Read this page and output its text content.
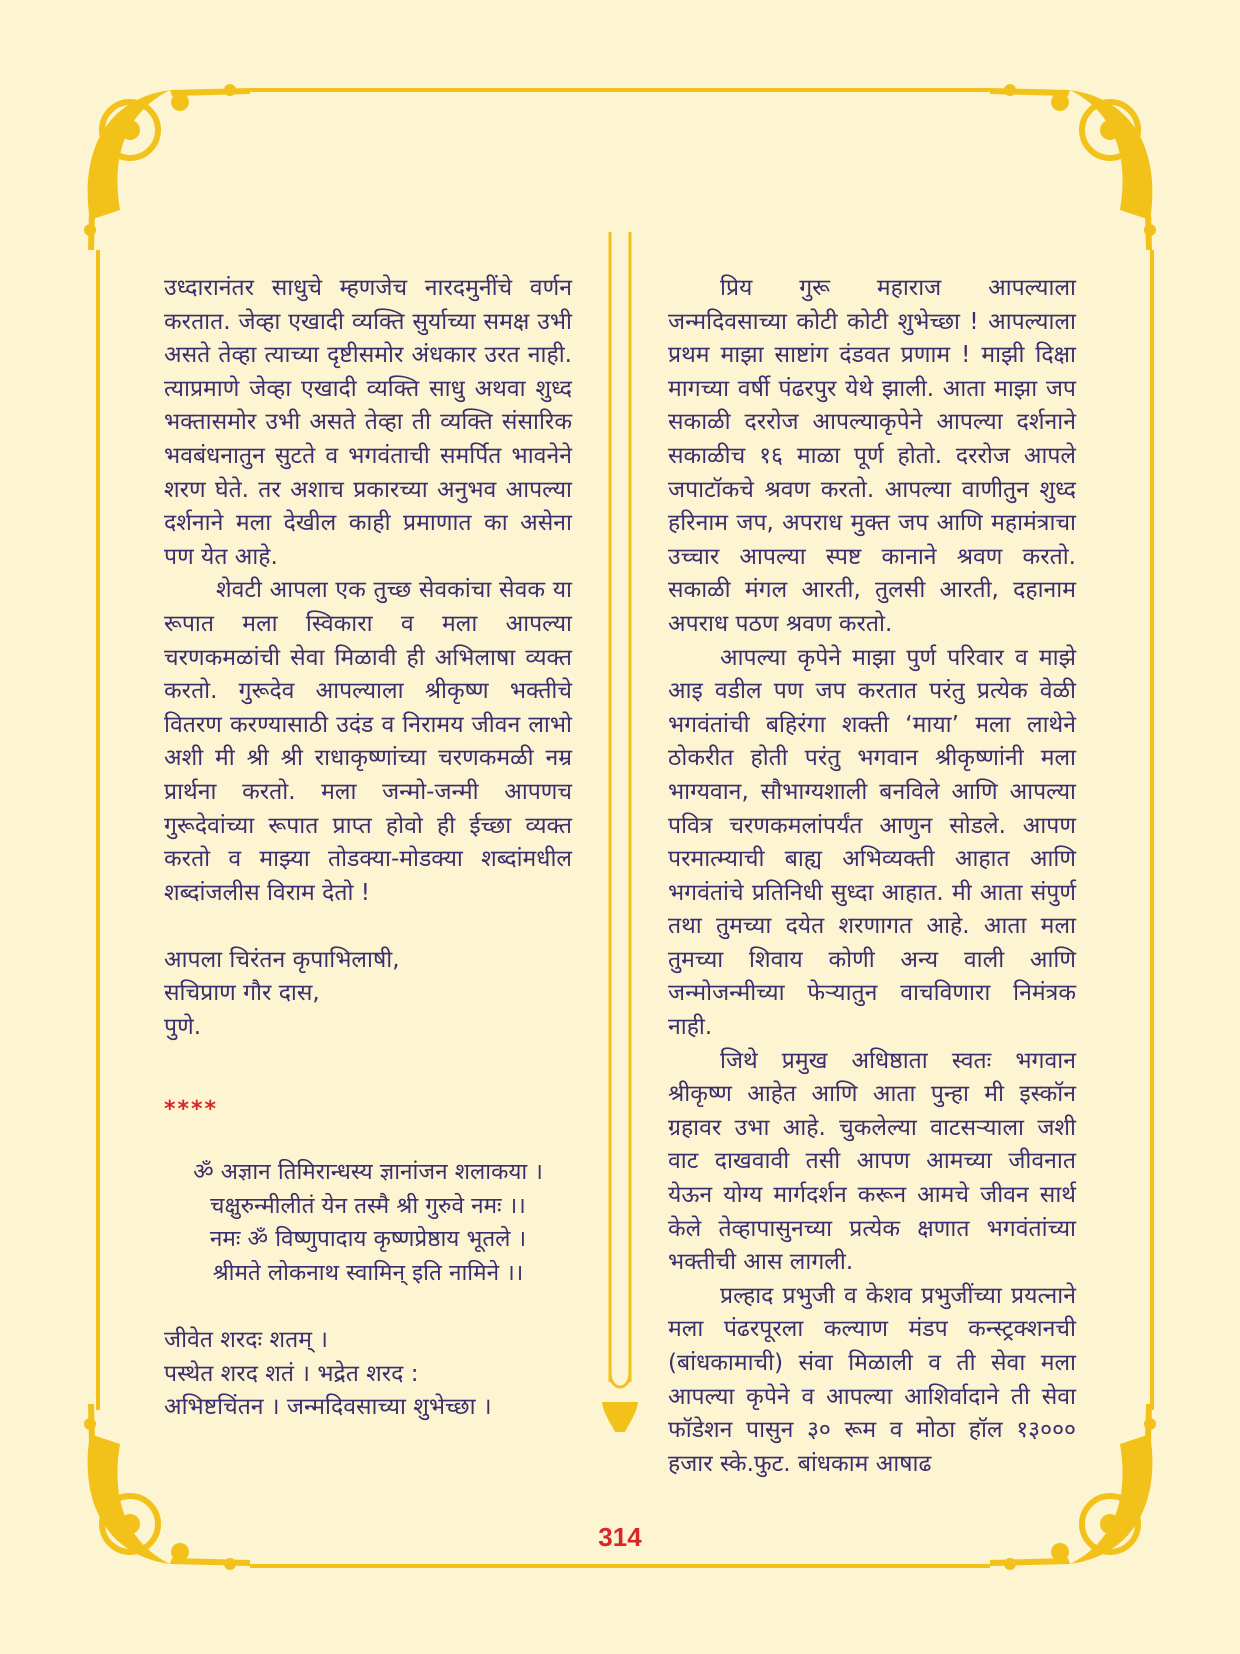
उध्दारानंतर साधुचे म्हणजेच नारदमुनींचे वर्णन करतात. जेव्हा एखादी व्यक्ति सुर्याच्या समक्ष उभी असते तेव्हा त्याच्या दृष्टीसमोर अंधकार उरत नाही. त्याप्रमाणे जेव्हा एखादी व्यक्ति साधु अथवा शुध्द भक्तासमोर उभी असते तेव्हा ती व्यक्ति संसारिक भवबंधनातुन सुटते व भगवंताची समर्पित भावनेने शरण घेते. तर अशाच प्रकारच्या अनुभव आपल्या दर्शनाने मला देखील काही प्रमाणात का असेना पण येत आहे.

शेवटी आपला एक तुच्छ सेवकांचा सेवक या रूपात मला स्विकारा व मला आपल्या चरणकमळांची सेवा मिळावी ही अभिलाषा व्यक्त करतो. गुरूदेव आपल्याला श्रीकृष्ण भक्तीचे वितरण करण्यासाठी उदंड व निरामय जीवन लाभो अशी मी श्री श्री राधाकृष्णांच्या चरणकमळी नम्र प्रार्थना करतो. मला जन्मो-जन्मी आपणच गुरूदेवांच्या रूपात प्राप्त होवो ही ईच्छा व्यक्त करतो व माझ्या तोडक्या-मोडक्या शब्दांमधील शब्दांजलीस विराम देतो !

आपला चिरंतन कृपाभिलाषी,

सचिप्राण गौर दास,

पुणे.

****

ॐ अज्ञान तिमिरान्धस्य ज्ञानांजन शलाकया ।

चक्षुरुन्मीलीतं येन तस्मै श्री गुरुवे नमः ।।

नमः ॐ विष्णुपादाय कृष्णप्रेष्ठाय भूतले ।

श्रीमते लोकनाथ स्वामिन् इति नामिने ।।

जीवेत शरदः शतम् ।

पस्थेत शरद शतं । भद्रेत शरद :

अभिष्टचिंतन । जन्मदिवसाच्या शुभेच्छा ।

प्रिय गुरू महाराज आपल्याला जन्मदिवसाच्या कोटी कोटी शुभेच्छा ! आपल्याला प्रथम माझा साष्टांग दंडवत प्रणाम ! माझी दिक्षा मागच्या वर्षी पंढरपुर येथे झाली. आता माझा जप सकाळी दररोज आपल्याकृपेने आपल्या दर्शनाने सकाळीच १६ माळा पूर्ण होतो. दररोज आपले जपाटॉकचे श्रवण करतो. आपल्या वाणीतुन शुध्द हरिनाम जप, अपराध मुक्त जप आणि महामंत्राचा उच्चार आपल्या स्पष्ट कानाने श्रवण करतो. सकाळी मंगल आरती, तुलसी आरती, दहानाम अपराध पठण श्रवण करतो.

आपल्या कृपेने माझा पुर्ण परिवार व माझे आइ वडील पण जप करतात परंतु प्रत्येक वेळी भगवंतांची बहिरंगा शक्ती ‘माया’ मला लाथेने ठोकरीत होती परंतु भगवान श्रीकृष्णांनी मला भाग्यवान, सौभाग्यशाली बनविले आणि आपल्या पवित्र चरणकमलांपर्यंत आणुन सोडले. आपण परमात्म्याची बाह्य अभिव्यक्ती आहात आणि भगवंतांचे प्रतिनिधी सुध्दा आहात. मी आता संपुर्ण तथा तुमच्या दयेत शरणागत आहे. आता मला तुमच्या शिवाय कोणी अन्य वाली आणि जन्मोजन्मीच्या फेऱ्यातुन वाचविणारा निमंत्रक नाही.

जिथे प्रमुख अधिष्ठाता स्वतः भगवान श्रीकृष्ण आहेत आणि आता पुन्हा मी इस्कॉन ग्रहावर उभा आहे. चुकलेल्या वाटसऱ्याला जशी वाट दाखवावी तसी आपण आमच्या जीवनात येऊन योग्य मार्गदर्शन करून आमचे जीवन सार्थ केले तेव्हापासुनच्या प्रत्येक क्षणात भगवंतांच्या भक्तीची आस लागली.

प्रल्हाद प्रभुजी व केशव प्रभुजींच्या प्रयत्नाने मला पंढरपूरला कल्याण मंडप कन्स्ट्रक्शनची (बांधकामाची) संवा मिळाली व ती सेवा मला आपल्या कृपेने व आपल्या आशिर्वादाने ती सेवा फॉडेशन पासुन ३० रूम व मोठा हॉल १३००० हजार स्के.फुट. बांधकाम आषाढ

314
